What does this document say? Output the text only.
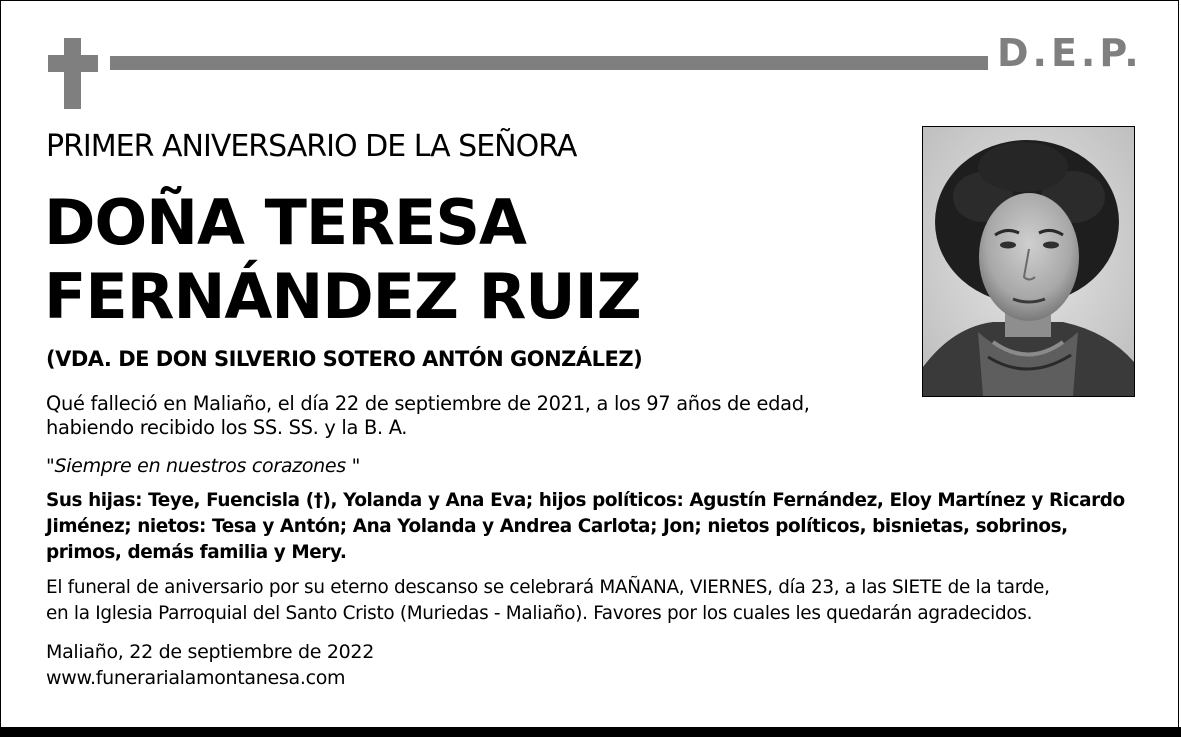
D.E.P.

PRIMER ANIVERSARIO DE LA SEÑORA

DOÑA TERESA

FERNÁNDEZ RUIZ

(VDA. DE DON SILVERIO SOTERO ANTÓN GONZÁLEZ)

Qué falleció en Maliaño, el día 22 de septiembre de 2021, a los 97 años de edad,
habiendo recibido los SS. SS. y la B. A.

"Siempre en nuestros corazones "

Sus hijas: Teye, Fuencisla (†), Yolanda y Ana Eva; hijos políticos: Agustín Fernández, Eloy Martínez y Ricardo
Jiménez; nietos: Tesa y Antón; Ana Yolanda y Andrea Carlota; Jon; nietos políticos, bisnietas, sobrinos,
primos, demás familia y Mery.
El funeral de aniversario por su eterno descanso se celebrará MAÑANA, VIERNES, día 23, a las SIETE de la tarde,
en la Iglesia Parroquial del Santo Cristo (Muriedas - Maliaño). Favores por los cuales les quedarán agradecidos.

Maliaño, 22 de septiembre de 2022

www.funerarialamontanesa.com
